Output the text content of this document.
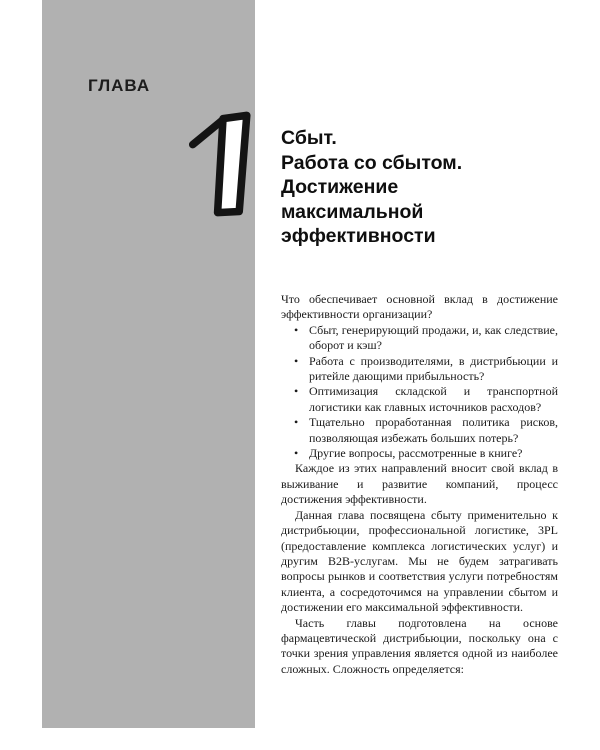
ГЛАВА
Сбыт.
Работа со сбытом.
Достижение
максимальной
эффективности
Что обеспечивает основной вклад в достижение эффективности организации?
• Сбыт, генерирующий продажи, и, как следствие, оборот и кэш?
• Работа с производителями, в дистрибьюции и ритейле дающими прибыльность?
• Оптимизация складской и транспортной логистики как главных источников расходов?
• Тщательно проработанная политика рисков, позволяющая избежать больших потерь?
• Другие вопросы, рассмотренные в книге?
Каждое из этих направлений вносит свой вклад в выживание и развитие компаний, процесс достижения эффективности.
Данная глава посвящена сбыту применительно к дистрибьюции, профессиональной логистике, 3PL (предоставление комплекса логистических услуг) и другим B2B-услугам. Мы не будем затрагивать вопросы рынков и соответствия услуги потребностям клиента, а сосредоточимся на управлении сбытом и достижении его максимальной эффективности.
Часть главы подготовлена на основе фармацевтической дистрибьюции, поскольку она с точки зрения управления является одной из наиболее сложных. Сложность определяется:
